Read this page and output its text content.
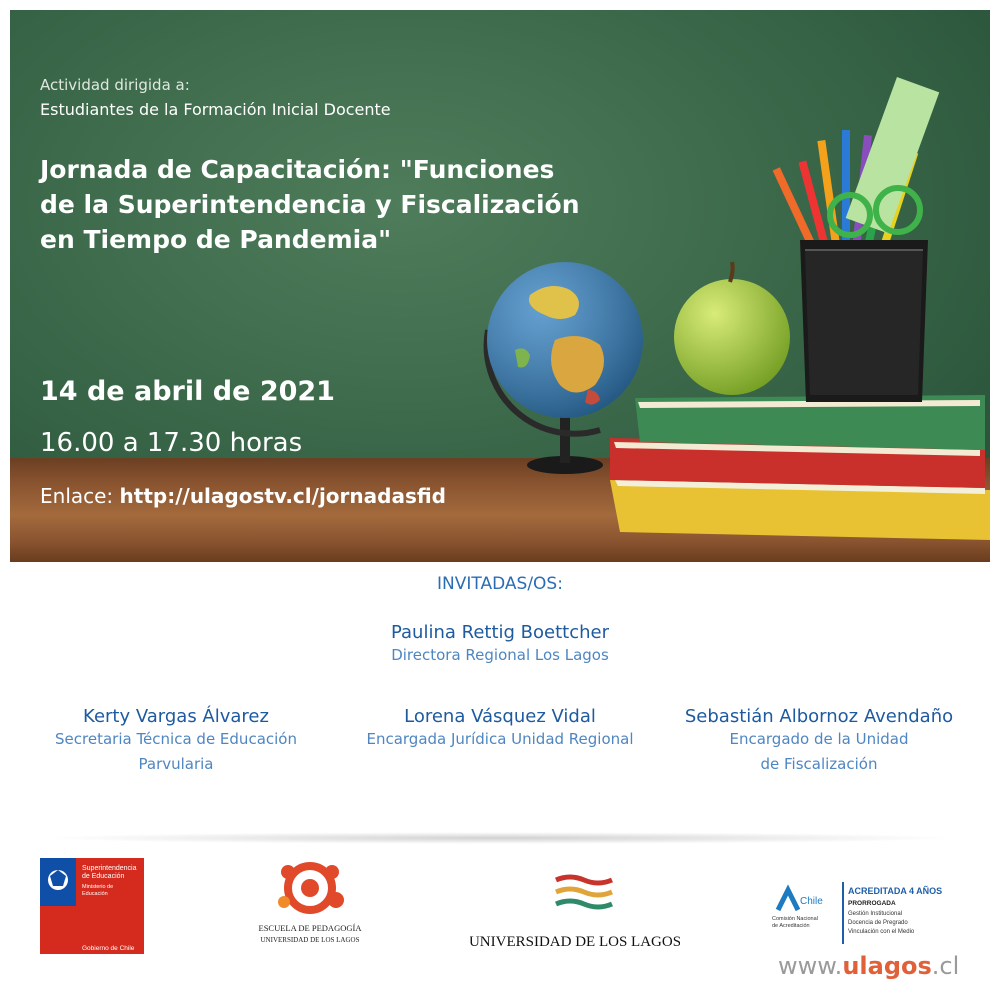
Actividad dirigida a:
Estudiantes de la Formación Inicial Docente
Jornada de Capacitación: "Funciones
de la Superintendencia y Fiscalización
en Tiempo de Pandemia"
14 de abril de 2021
16.00 a 17.30 horas
Enlace: http://ulagostv.cl/jornadasfid
INVITADAS/OS:
Paulina Rettig Boettcher
Directora Regional Los Lagos
Kerty Vargas Álvarez
Secretaria Técnica de Educación
Parvularia
Lorena Vásquez Vidal
Encargada Jurídica Unidad Regional
Sebastián Albornoz Avendaño
Encargado de la Unidad
de Fiscalización
Superintendencia
de Educación
Ministerio de
Educación
Gobierno de Chile
ESCUELA DE PEDAGOGÍA
UNIVERSIDAD DE LOS LAGOS	UNIVERSIDAD DE LOS LAGOS
Chile
Comisión Nacional
de Acreditación
ACREDITADA 4 AÑOS
PRORROGADA
Gestión Institucional
Docencia de Pregrado
Vinculación con el Medio
www.ulagos.cl
